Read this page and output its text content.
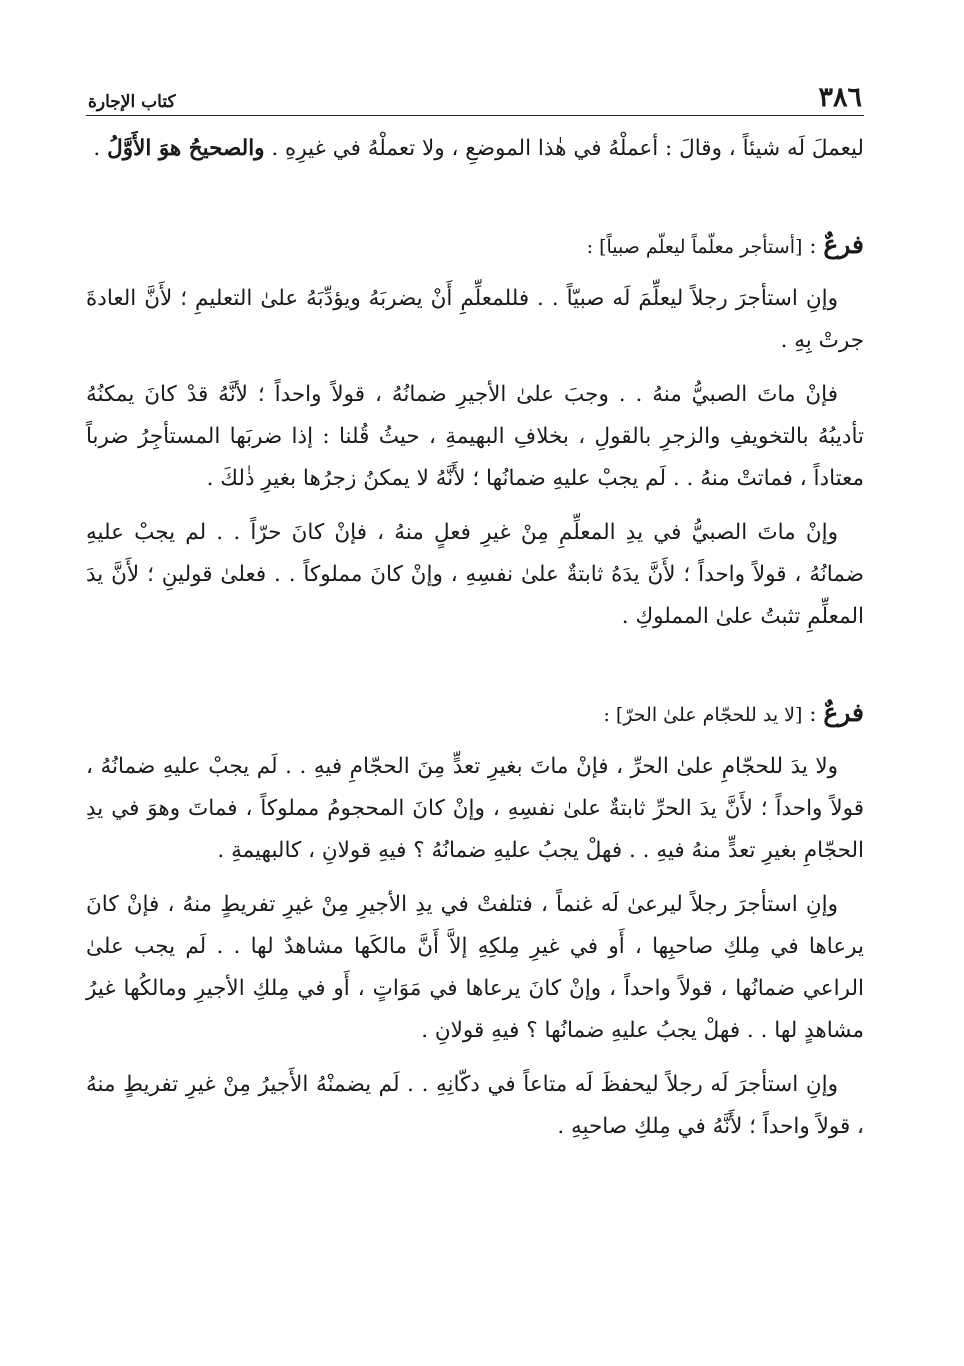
٣٨٦
كتاب الإجارة

ليعملَ لَه شيئاً ، وقالَ : أعملْهُ في هٰذا الموضعِ ، ولا تعملْهُ في غيرِهِ . والصحيحُ هوَ الأَوَّلُ .

فرعٌ : [أستأجر معلّماً ليعلّم صبياً] :

وإنِ استأجرَ رجلاً ليعلِّمَ لَه صبيّاً . . فللمعلِّمِ أَنْ يضربَهُ ويؤدِّبَهُ علىٰ التعليمِ ؛ لأَنَّ العادةَ جرتْ بِهِ .

فإنْ ماتَ الصبيُّ منهُ . . وجبَ علىٰ الأجيرِ ضمانُهُ ، قولاً واحداً ؛ لأنَّهُ قدْ كانَ يمكنُهُ تأديبُهُ بالتخويفِ والزجرِ بالقولِ ، بخلافِ البهيمةِ ، حيثُ قُلنا : إذا ضربَها المستأجِرُ ضرباً معتاداً ، فماتتْ منهُ . . لَم يجبْ عليهِ ضمانُها ؛ لأَنَّهُ لا يمكنُ زجرُها بغيرِ ذٰلكَ .

وإنْ ماتَ الصبيُّ في يدِ المعلِّمِ مِنْ غيرِ فعلٍ منهُ ، فإنْ كانَ حرّاً . . لم يجبْ عليهِ ضمانُهُ ، قولاً واحداً ؛ لأَنَّ يدَهُ ثابتةٌ علىٰ نفسِهِ ، وإنْ كانَ مملوكاً . . فعلىٰ قولينِ ؛ لأَنَّ يدَ المعلِّمِ تثبتُ علىٰ المملوكِ .

فرعٌ : [لا يد للحجّام علىٰ الحرّ] :

ولا يدَ للحجّامِ علىٰ الحرِّ ، فإنْ ماتَ بغيرِ تعدٍّ مِنَ الحجّامِ فيهِ . . لَم يجبْ عليهِ ضمانُهُ ، قولاً واحداً ؛ لأَنَّ يدَ الحرِّ ثابتةٌ علىٰ نفسِهِ ، وإنْ كانَ المحجومُ مملوكاً ، فماتَ وهوَ في يدِ الحجّامِ بغيرِ تعدٍّ منهُ فيهِ . . فهلْ يجبُ عليهِ ضمانُهُ ؟ فيهِ قولانِ ، كالبهيمةِ .

وإنِ استأجرَ رجلاً ليرعىٰ لَه غنماً ، فتلفتْ في يدِ الأجيرِ مِنْ غيرِ تفريطٍ منهُ ، فإنْ كانَ يرعاها في مِلكِ صاحبِها ، أَو في غيرِ مِلكِهِ إلاَّ أَنَّ مالكَها مشاهدٌ لها . . لَم يجب علىٰ الراعي ضمانُها ، قولاً واحداً ، وإنْ كانَ يرعاها في مَوَاتٍ ، أَو في مِلكِ الأجيرِ ومالكُها غيرُ مشاهدٍ لها . . فهلْ يجبُ عليهِ ضمانُها ؟ فيهِ قولانِ .

وإنِ استأجرَ لَه رجلاً ليحفظَ لَه متاعاً في دكّانِهِ . . لَم يضمنْهُ الأَجيرُ مِنْ غيرِ تفريطٍ منهُ ، قولاً واحداً ؛ لأَنَّهُ في مِلكِ صاحبِهِ .
